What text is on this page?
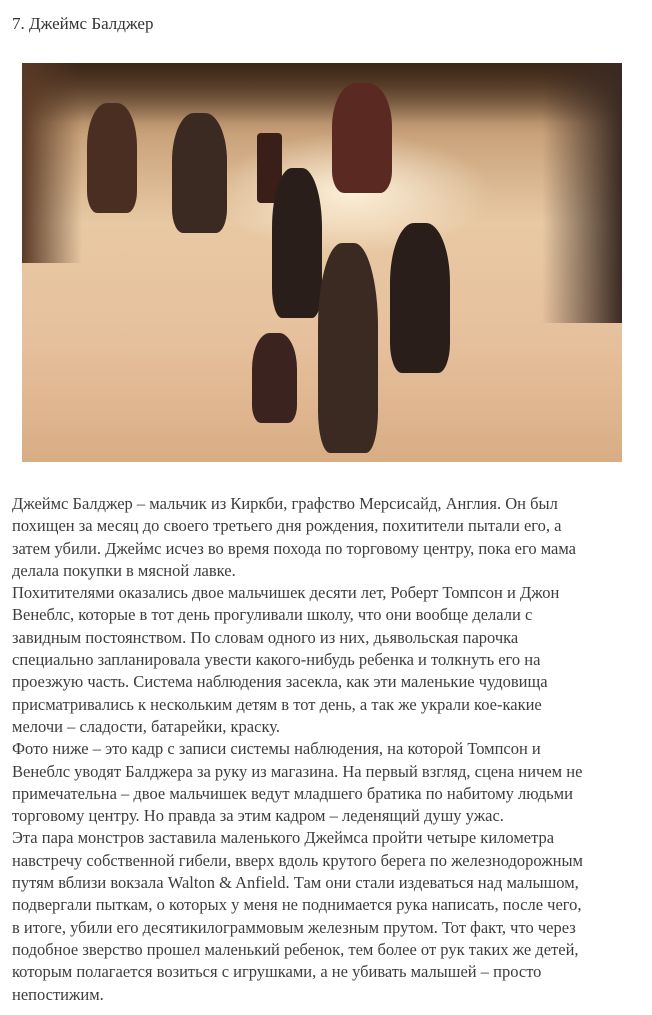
7. Джеймс Балджер

Джеймс Балджер – мальчик из Киркби, графство Мерсисайд, Англия. Он был
похищен за месяц до своего третьего дня рождения, похитители пытали его, а
затем убили. Джеймс исчез во время похода по торговому центру, пока его мама
делала покупки в мясной лавке.

Похитителями оказались двое мальчишек десяти лет, Роберт Томпсон и Джон
Венеблс, которые в тот день прогуливали школу, что они вообще делали с
завидным постоянством. По словам одного из них, дьявольская парочка
специально запланировала увести какого-нибудь ребенка и толкнуть его на
проезжую часть. Система наблюдения засекла, как эти маленькие чудовища
присматривались к нескольким детям в тот день, а так же украли кое-какие
мелочи – сладости, батарейки, краску.

Фото ниже – это кадр с записи системы наблюдения, на которой Томпсон и
Венеблс уводят Балджера за руку из магазина. На первый взгляд, сцена ничем не
примечательна – двое мальчишек ведут младшего братика по набитому людьми
торговому центру. Но правда за этим кадром – леденящий душу ужас.

Эта пара монстров заставила маленького Джеймса пройти четыре километра
навстречу собственной гибели, вверх вдоль крутого берега по железнодорожным
путям вблизи вокзала Walton & Anfield. Там они стали издеваться над малышом,
подвергали пыткам, о которых у меня не поднимается рука написать, после чего,
в итоге, убили его десятикилограммовым железным прутом. Тот факт, что через
подобное зверство прошел маленький ребенок, тем более от рук таких же детей,
которым полагается возиться с игрушками, а не убивать малышей – просто
непостижим.
